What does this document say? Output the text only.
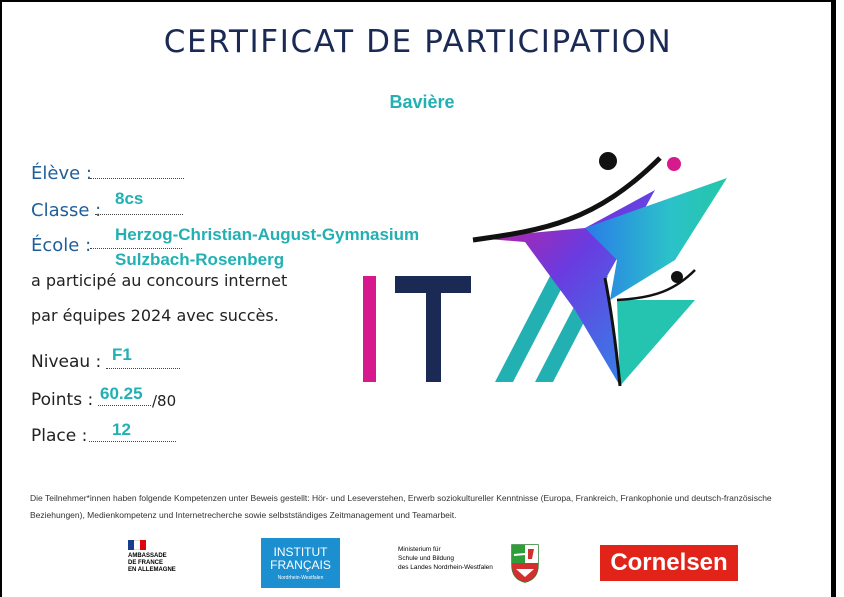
CERTIFICAT DE PARTICIPATION
Bavière
Élève :
Classe :
8cs
École :
Herzog-Christian-August-Gymnasium
Sulzbach-Rosenberg
a participé au concours internet
par équipes 2024 avec succès.
Niveau : F1
Points : 60.25 /80
Place : 12
Die Teilnehmer*innen haben folgende Kompetenzen unter Beweis gestellt: Hör- und Leseverstehen, Erwerb soziokultureller Kenntnisse (Europa, Frankreich, Frankophonie und deutsch-französische Beziehungen), Medienkompetenz und Internetrecherche sowie selbstständiges Zeitmanagement und Teamarbeit.
AMBASSADE
DE FRANCE
EN ALLEMAGNE
INSTITUT
FRANÇAIS
Nordrhein-Westfalen
Ministerium für
Schule und Bildung
des Landes Nordrhein-Westfalen	Cornelsen
